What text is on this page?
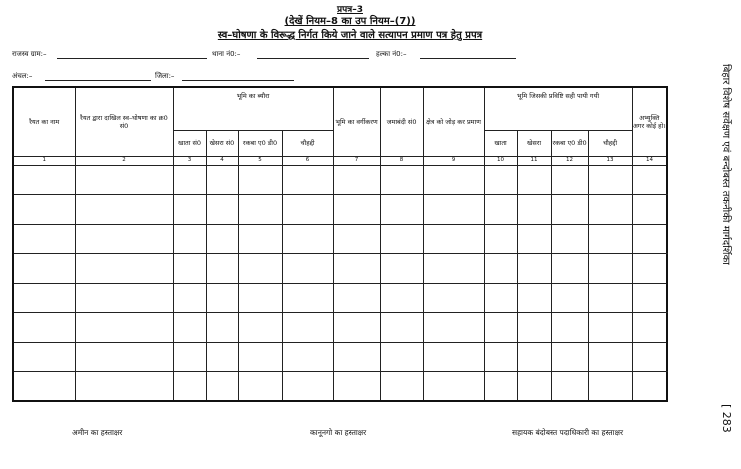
प्रपत्र–3
(देखें नियम–8 का उप नियम–(7))
स्व–घोषणा के विरूद्ध निर्गत किये जाने वाले सत्यापन प्रमाण पत्र हेतु प्रपत्र
राजस्व ग्राम:–	थाना नं0:–	हल्का नं0:–
अंचल:–	जिला:–
रैयत का नाम	रैयत द्वारा दाखिल स्व–घोषणा का क्र0 सं0	भूमि का ब्यौरा				भूमि का वर्गीकरण	जमाबंदी सं0	क्षेत्र को जोड़ कर प्रमाण	भूमि जिसकी प्रविष्टि सही पायी गयी				अभ्युक्ति अगर कोई हो।
		खाता सं0	खेसरा सं0	रकबा ए0 डी0	चौहद्दी				खाता	खेसरा	रकबा ए0 डी0	चौहद्दी	
1	2	3	4	5	6	7	8	9	10	11	12	13	14

														बिहार विशेष सर्वेक्षण एवं बन्दोबस्त तकनीकी मार्गदर्शिका
[ 283
अमीन का हस्ताक्षर	कानूनगो का हस्ताक्षर	सहायक बंदोबस्त पदाधिकारी का हस्ताक्षर
